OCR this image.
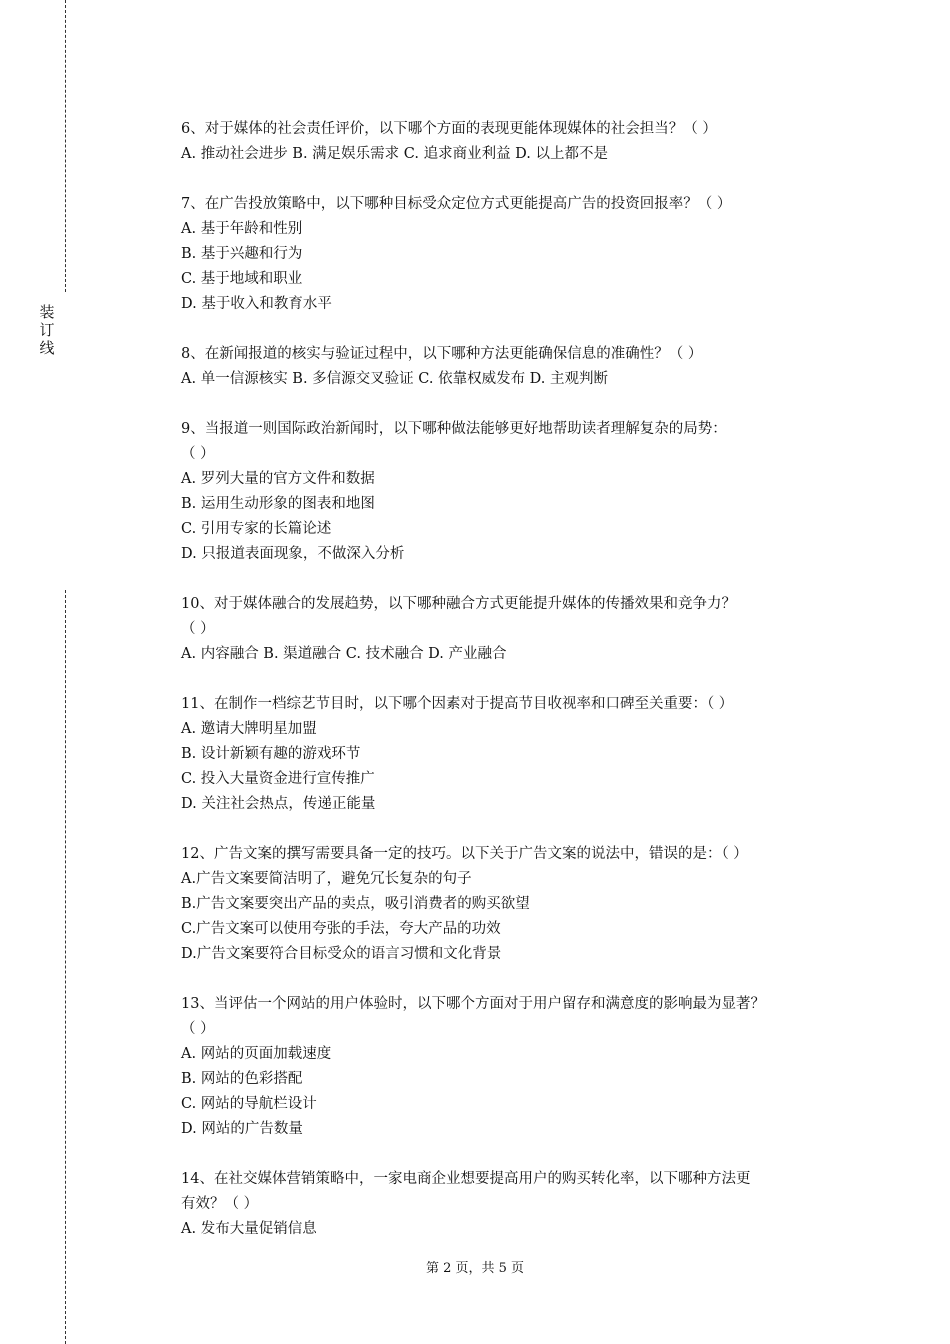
装
订
线
6、对于媒体的社会责任评价，以下哪个方面的表现更能体现媒体的社会担当？（ ）
A. 推动社会进步 B. 满足娱乐需求 C. 追求商业利益 D. 以上都不是
7、在广告投放策略中，以下哪种目标受众定位方式更能提高广告的投资回报率？（ ）
A. 基于年龄和性别
B. 基于兴趣和行为
C. 基于地域和职业
D. 基于收入和教育水平
8、在新闻报道的核实与验证过程中，以下哪种方法更能确保信息的准确性？（ ）
A. 单一信源核实 B. 多信源交叉验证 C. 依靠权威发布 D. 主观判断
9、当报道一则国际政治新闻时，以下哪种做法能够更好地帮助读者理解复杂的局势：
（ ）
A. 罗列大量的官方文件和数据
B. 运用生动形象的图表和地图
C. 引用专家的长篇论述
D. 只报道表面现象，不做深入分析
10、对于媒体融合的发展趋势，以下哪种融合方式更能提升媒体的传播效果和竞争力？
（ ）
A. 内容融合 B. 渠道融合 C. 技术融合 D. 产业融合
11、在制作一档综艺节目时，以下哪个因素对于提高节目收视率和口碑至关重要：（ ）
A. 邀请大牌明星加盟
B. 设计新颖有趣的游戏环节
C. 投入大量资金进行宣传推广
D. 关注社会热点，传递正能量
12、广告文案的撰写需要具备一定的技巧。以下关于广告文案的说法中，错误的是：（ ）
A.广告文案要简洁明了，避免冗长复杂的句子
B.广告文案要突出产品的卖点，吸引消费者的购买欲望
C.广告文案可以使用夸张的手法，夸大产品的功效
D.广告文案要符合目标受众的语言习惯和文化背景
13、当评估一个网站的用户体验时，以下哪个方面对于用户留存和满意度的影响最为显著？
（ ）
A. 网站的页面加载速度
B. 网站的色彩搭配
C. 网站的导航栏设计
D. 网站的广告数量
14、在社交媒体营销策略中，一家电商企业想要提高用户的购买转化率，以下哪种方法更
有效？（ ）
A. 发布大量促销信息
第 2 页，共 5 页
